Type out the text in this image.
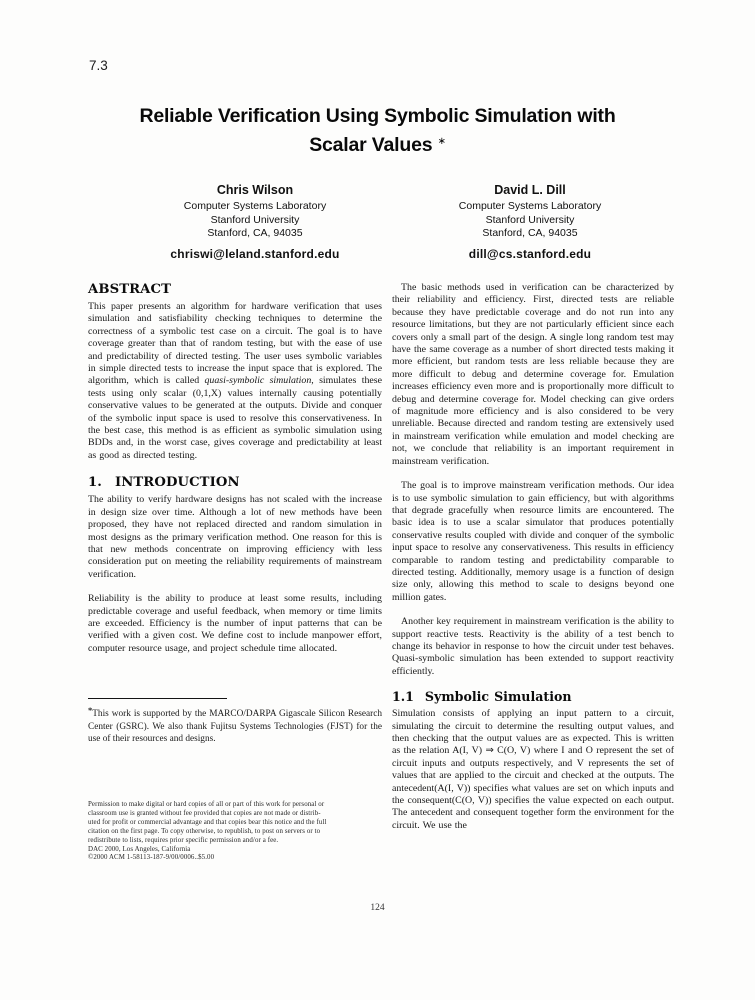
7.3
Reliable Verification Using Symbolic Simulation with
Scalar Values ∗
Chris Wilson
Computer Systems Laboratory
Stanford University
Stanford, CA, 94035
chriswi@leland.stanford.edu
David L. Dill
Computer Systems Laboratory
Stanford University
Stanford, CA, 94035
dill@cs.stanford.edu
ABSTRACT
This paper presents an algorithm for hardware verification that uses simulation and satisfiability checking techniques to determine the correctness of a symbolic test case on a circuit. The goal is to have coverage greater than that of random testing, but with the ease of use and predictability of directed testing. The user uses symbolic variables in simple directed tests to increase the input space that is explored. The algorithm, which is called quasi-symbolic simulation, simulates these tests using only scalar (0,1,X) values internally causing potentially conservative values to be generated at the outputs. Divide and conquer of the symbolic input space is used to resolve this conservativeness. In the best case, this method is as efficient as symbolic simulation using BDDs and, in the worst case, gives coverage and predictability at least as good as directed testing.
1. INTRODUCTION
The ability to verify hardware designs has not scaled with the increase in design size over time. Although a lot of new methods have been proposed, they have not replaced directed and random simulation in most designs as the primary verification method. One reason for this is that new methods concentrate on improving efficiency with less consideration put on meeting the reliability requirements of mainstream verification.
Reliability is the ability to produce at least some results, including predictable coverage and useful feedback, when memory or time limits are exceeded. Efficiency is the number of input patterns that can be verified with a given cost. We define cost to include manpower effort, computer resource usage, and project schedule time allocated.
*This work is supported by the MARCO/DARPA Gigascale Silicon Research Center (GSRC). We also thank Fujitsu Systems Technologies (FJST) for the use of their resources and designs.
Permission to make digital or hard copies of all or part of this work for personal or
classroom use is granted without fee provided that copies are not made or distrib-
uted for profit or commercial advantage and that copies bear this notice and the full
citation on the first page. To copy otherwise, to republish, to post on servers or to
redistribute to lists, requires prior specific permission and/or a fee.
DAC 2000, Los Angeles, California
©2000 ACM 1-58113-187-9/00/0006..$5.00
The basic methods used in verification can be characterized by their reliability and efficiency. First, directed tests are reliable because they have predictable coverage and do not run into any resource limitations, but they are not particularly efficient since each covers only a small part of the design. A single long random test may have the same coverage as a number of short directed tests making it more efficient, but random tests are less reliable because they are more difficult to debug and determine coverage for. Emulation increases efficiency even more and is proportionally more difficult to debug and determine coverage for. Model checking can give orders of magnitude more efficiency and is also considered to be very unreliable. Because directed and random testing are extensively used in mainstream verification while emulation and model checking are not, we conclude that reliability is an important requirement in mainstream verification.
The goal is to improve mainstream verification methods. Our idea is to use symbolic simulation to gain efficiency, but with algorithms that degrade gracefully when resource limits are encountered. The basic idea is to use a scalar simulator that produces potentially conservative results coupled with divide and conquer of the symbolic input space to resolve any conservativeness. This results in efficiency comparable to random testing and predictability comparable to directed testing. Additionally, memory usage is a function of design size only, allowing this method to scale to designs beyond one million gates.
Another key requirement in mainstream verification is the ability to support reactive tests. Reactivity is the ability of a test bench to change its behavior in response to how the circuit under test behaves. Quasi-symbolic simulation has been extended to support reactivity efficiently.
1.1 Symbolic Simulation
Simulation consists of applying an input pattern to a circuit, simulating the circuit to determine the resulting output values, and then checking that the output values are as expected. This is written as the relation A(I, V) ⇒ C(O, V) where I and O represent the set of circuit inputs and outputs respectively, and V represents the set of values that are applied to the circuit and checked at the outputs. The antecedent(A(I, V)) specifies what values are set on which inputs and the consequent(C(O, V)) specifies the value expected on each output. The antecedent and consequent together form the environment for the circuit. We use the
124
